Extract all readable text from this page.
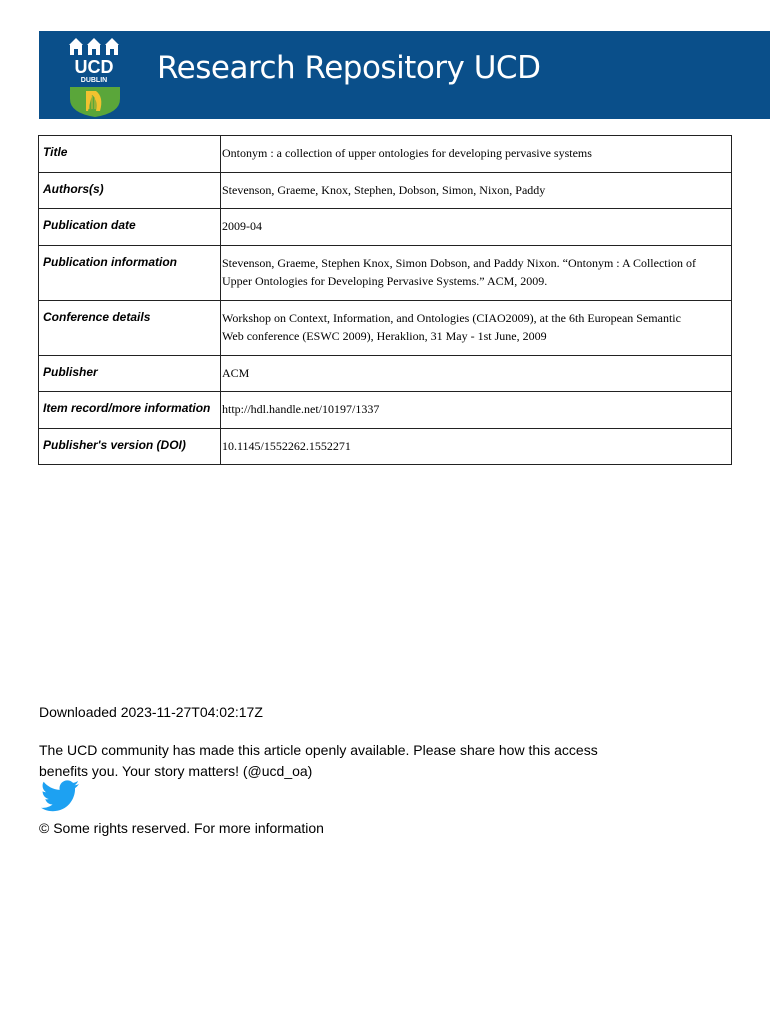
UCD
DUBLIN Research Repository UCD
Title	Ontonym : a collection of upper ontologies for developing pervasive systems

Authors(s)	Stevenson, Graeme, Knox, Stephen, Dobson, Simon, Nixon, Paddy

Publication date	2009-04

Publication information	Stevenson, Graeme, Stephen Knox, Simon Dobson, and Paddy Nixon. “Ontonym : A Collection of
Upper Ontologies for Developing Pervasive Systems.” ACM, 2009.

Conference details	Workshop on Context, Information, and Ontologies (CIAO2009), at the 6th European Semantic
Web conference (ESWC 2009), Heraklion, 31 May - 1st June, 2009

Publisher	ACM

Item record/more information	http://hdl.handle.net/10197/1337

Publisher's version (DOI)	10.1145/1552262.1552271
Downloaded 2023-11-27T04:02:17Z
The UCD community has made this article openly available. Please share how this access
benefits you. Your story matters! (@ucd_oa)
© Some rights reserved. For more information
